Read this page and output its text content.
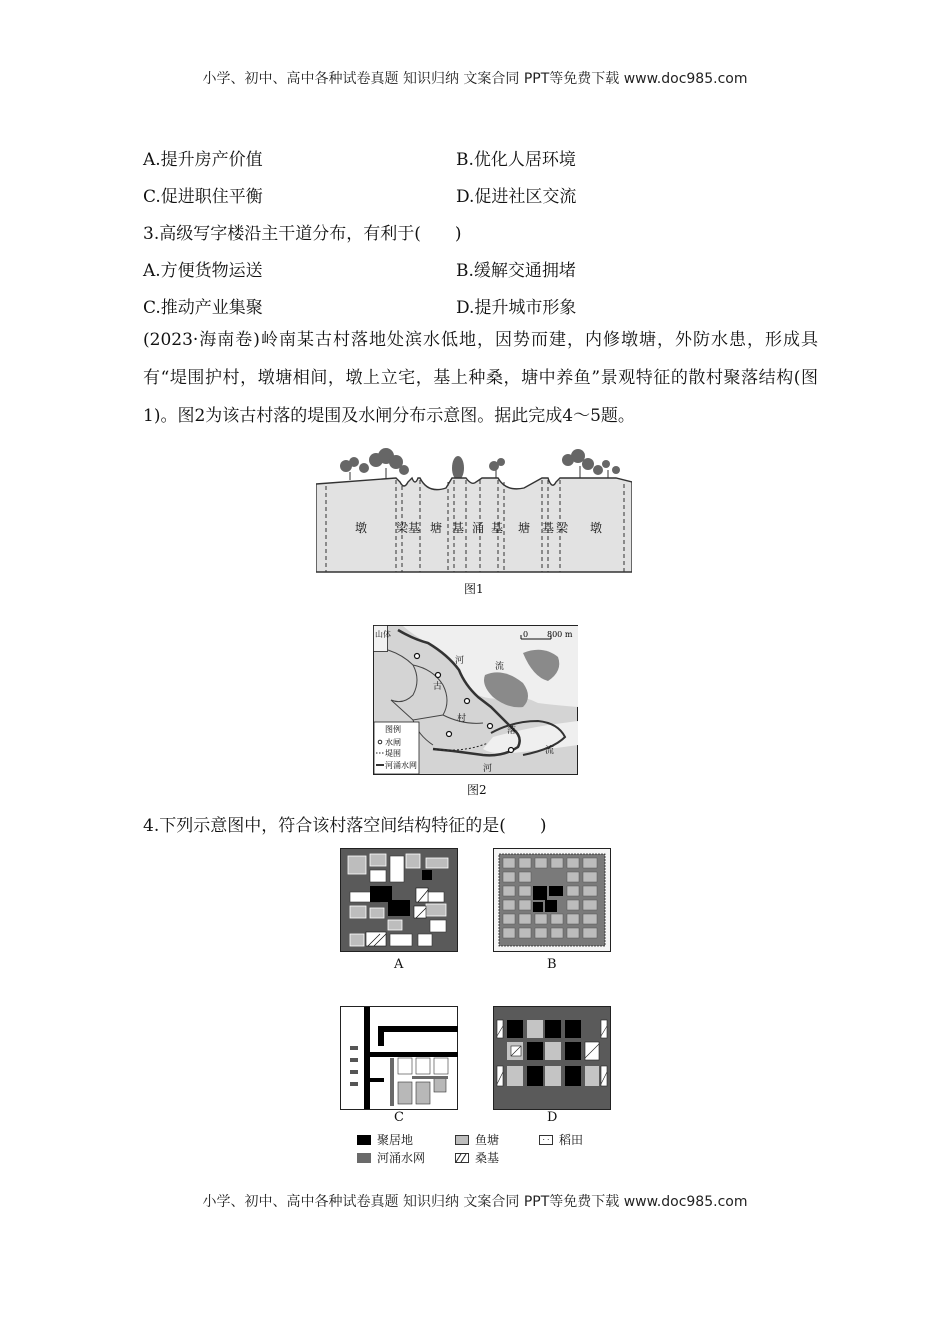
小学、初中、高中各种试卷真题 知识归纳 文案合同 PPT等免费下载 www.doc985.com
A.提升房产价值	B.优化人居环境
C.促进职住平衡	D.促进社区交流
3.高级写字楼沿主干道分布，有利于(　　)
A.方便货物运送	B.缓解交通拥堵
C.推动产业集聚	D.提升城市形象
(2023·海南卷)岭南某古村落地处滨水低地，因势而建，内修墩塘，外防水患，形成具有“堤围护村，墩塘相间，墩上立宅，基上种桑，塘中养鱼”景观特征的散村聚落结构(图1)。图2为该古村落的堤围及水闸分布示意图。据此完成4～5题。
墩 梁 基 塘 基 涌 基 塘 基 梁 墩
图1
0 800 m
河
流
古
村
落
河
流
山体
图例
水闸
堤围
河涌水网
图2
4.下列示意图中，符合该村落空间结构特征的是(　　)
A	B
C	D
聚居地	鱼塘	· · 稻田
河涌水网	桑基
小学、初中、高中各种试卷真题 知识归纳 文案合同 PPT等免费下载 www.doc985.com
